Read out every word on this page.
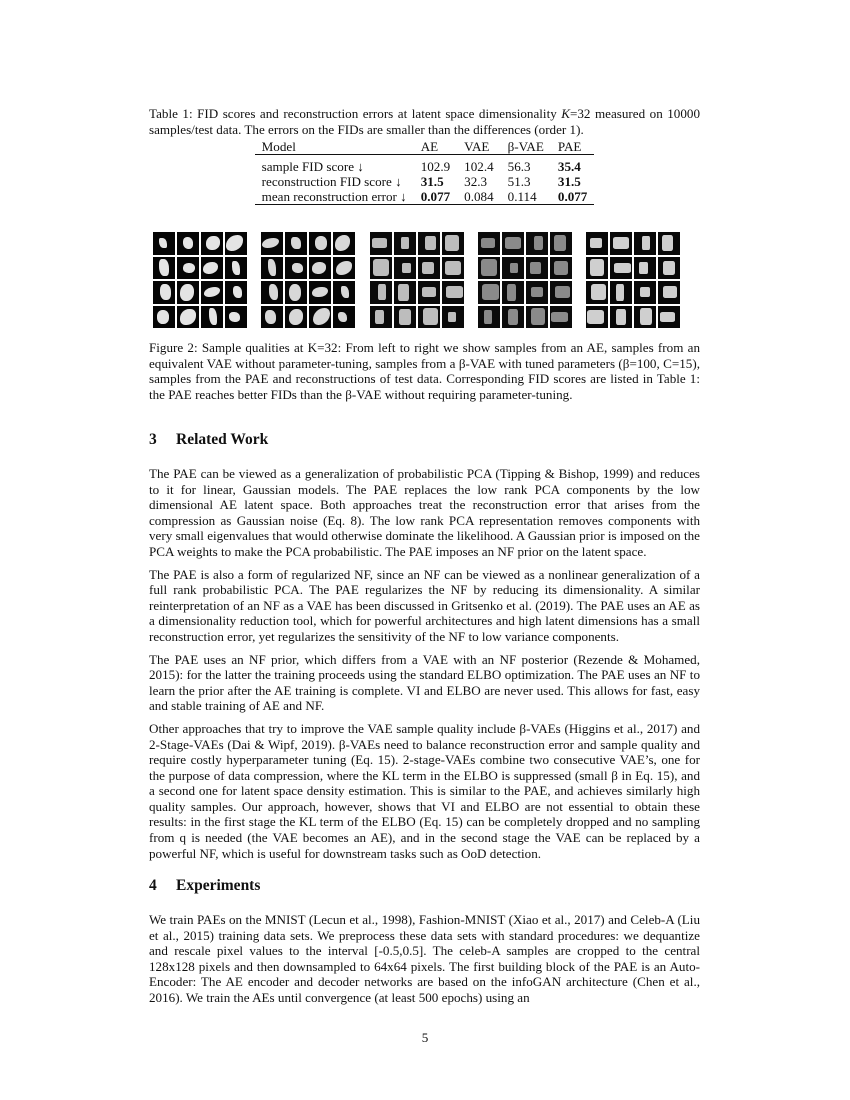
Table 1: FID scores and reconstruction errors at latent space dimensionality K=32 measured on 10000 samples/test data. The errors on the FIDs are smaller than the differences (order 1).
Model	AE	VAE	β-VAE	PAE
sample FID score ↓	102.9	102.4	56.3	35.4
reconstruction FID score ↓	31.5	32.3	51.3	31.5
mean reconstruction error ↓	0.077	0.084	0.114	0.077
Figure 2: Sample qualities at K=32: From left to right we show samples from an AE, samples from an equivalent VAE without parameter-tuning, samples from a β-VAE with tuned parameters (β=100, C=15), samples from the PAE and reconstructions of test data. Corresponding FID scores are listed in Table 1: the PAE reaches better FIDs than the β-VAE without requiring parameter-tuning.
3 Related Work

The PAE can be viewed as a generalization of probabilistic PCA (Tipping & Bishop, 1999) and reduces to it for linear, Gaussian models. The PAE replaces the low rank PCA components by the low dimensional AE latent space. Both approaches treat the reconstruction error that arises from the compression as Gaussian noise (Eq. 8). The low rank PCA representation removes components with very small eigenvalues that would otherwise dominate the likelihood. A Gaussian prior is imposed on the PCA weights to make the PCA probabilistic. The PAE imposes an NF prior on the latent space.

The PAE is also a form of regularized NF, since an NF can be viewed as a nonlinear generalization of a full rank probabilistic PCA. The PAE regularizes the NF by reducing its dimensionality. A similar reinterpretation of an NF as a VAE has been discussed in Gritsenko et al. (2019). The PAE uses an AE as a dimensionality reduction tool, which for powerful architectures and high latent dimensions has a small reconstruction error, yet regularizes the sensitivity of the NF to low variance components.

The PAE uses an NF prior, which differs from a VAE with an NF posterior (Rezende & Mohamed, 2015): for the latter the training proceeds using the standard ELBO optimization. The PAE uses an NF to learn the prior after the AE training is complete. VI and ELBO are never used. This allows for fast, easy and stable training of AE and NF.

Other approaches that try to improve the VAE sample quality include β-VAEs (Higgins et al., 2017) and 2-Stage-VAEs (Dai & Wipf, 2019). β-VAEs need to balance reconstruction error and sample quality and require costly hyperparameter tuning (Eq. 15). 2-stage-VAEs combine two consecutive VAE’s, one for the purpose of data compression, where the KL term in the ELBO is suppressed (small β in Eq. 15), and a second one for latent space density estimation. This is similar to the PAE, and achieves similarly high quality samples. Our approach, however, shows that VI and ELBO are not essential to obtain these results: in the first stage the KL term of the ELBO (Eq. 15) can be completely dropped and no sampling from q is needed (the VAE becomes an AE), and in the second stage the VAE can be replaced by a powerful NF, which is useful for downstream tasks such as OoD detection.

4 Experiments

We train PAEs on the MNIST (Lecun et al., 1998), Fashion-MNIST (Xiao et al., 2017) and Celeb-A (Liu et al., 2015) training data sets. We preprocess these data sets with standard procedures: we dequantize and rescale pixel values to the interval [-0.5,0.5]. The celeb-A samples are cropped to the central 128x128 pixels and then downsampled to 64x64 pixels. The first building block of the PAE is an Auto-Encoder: The AE encoder and decoder networks are based on the infoGAN architecture (Chen et al., 2016). We train the AEs until convergence (at least 500 epochs) using an

5
